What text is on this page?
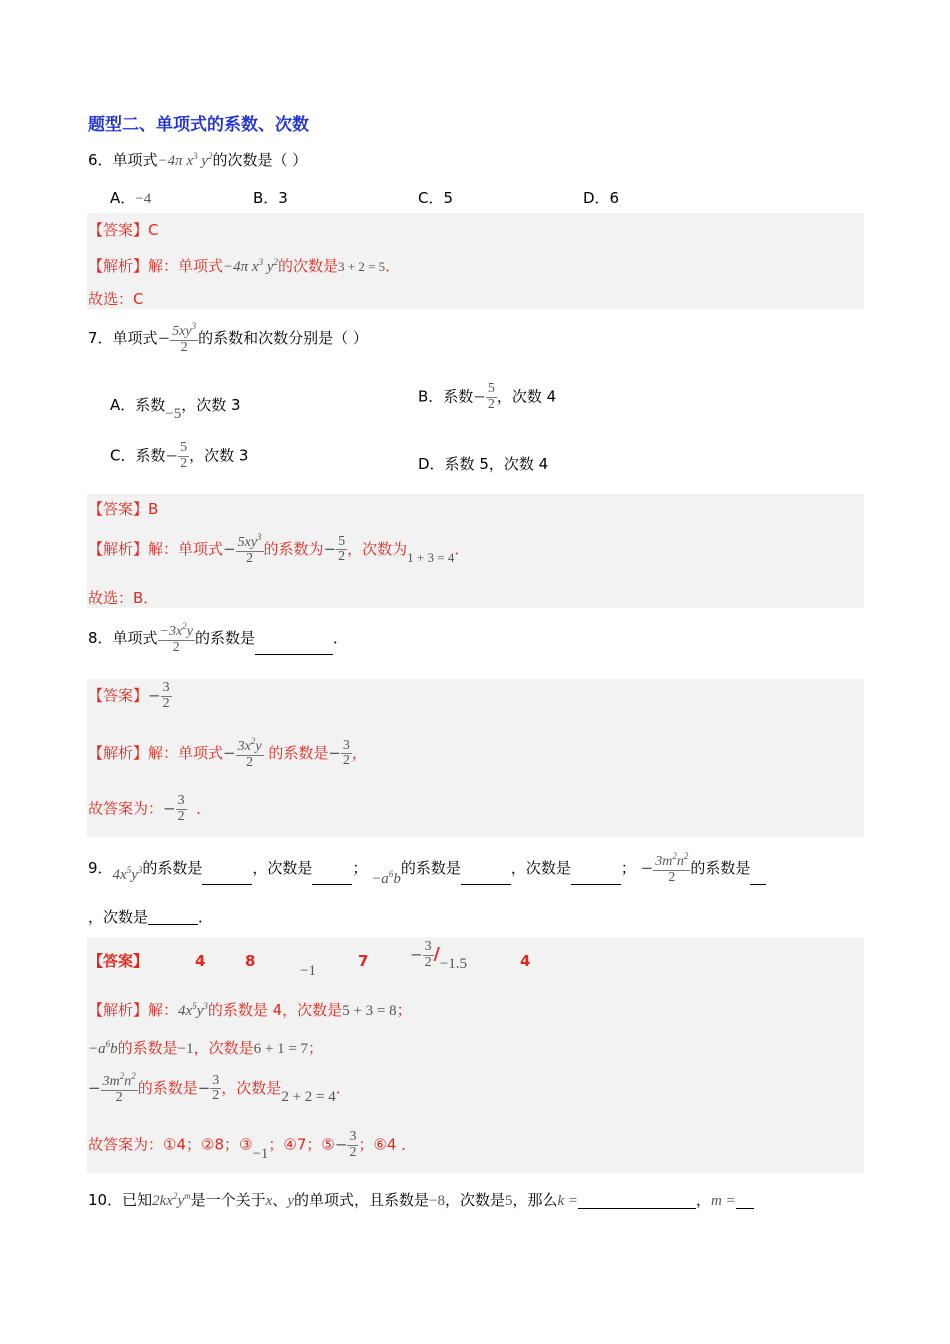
题型二、单项式的系数、次数
6．单项式−4π $x^3$ $y^2$的次数是（ ）
A．−4	B．3	C．5	D．6
【答案】C
【解析】解：单项式−4π $x^3$ $y^2$的次数是3 + 2 = 5．
故选：C
7．单项式− $\frac{5xy^3}{2}$ 的系数和次数分别是（ ）
A．系数−5，次数 3	B．系数− $\frac{5}{2}$ ，次数 4
C．系数− $\frac{5}{2}$ ，次数 3	D．系数 5，次数 4
【答案】B
【解析】解：单项式− $\frac{5xy^3}{2}$ 的系数为− $\frac{5}{2}$ ，次数为1 + 3 = 4．
故选：B．
8．单项式 $\frac{-3x^2y}{2}$ 的系数是	．
【答案】− $\frac{3}{2}$
【解析】解：单项式− $\frac{3x^2y}{2}$ 的系数是− $\frac{3}{2}$ ，
故答案为：− $\frac{3}{2}$ ．
9．$4x^5y^3$的系数是	，次数是	； $-a^6b$的系数是	，次数是	； − $\frac{3m^2n^2}{2}$ 的系数是
，次数是	．
【答案】	4	8
−1
7	− $\frac{3}{2} /-1.5$	4
【解析】解：$4x^5y^3$的系数是 4，次数是5 + 3 = 8；
$-a^6b$的系数是−1，次数是6 + 1 = 7；
− $\frac{3m^2n^2}{2}$ 的系数是− $\frac{3}{2}$ ，次数是2 + 2 = 4．
故答案为：①4；②8；③−1；④7；⑤− $\frac{3}{2}$ ；⑥4 ．
10．已知$2kx^2y^m$是一个关于x、y的单项式，且系数是−8，次数是5，那么k =	，m =
